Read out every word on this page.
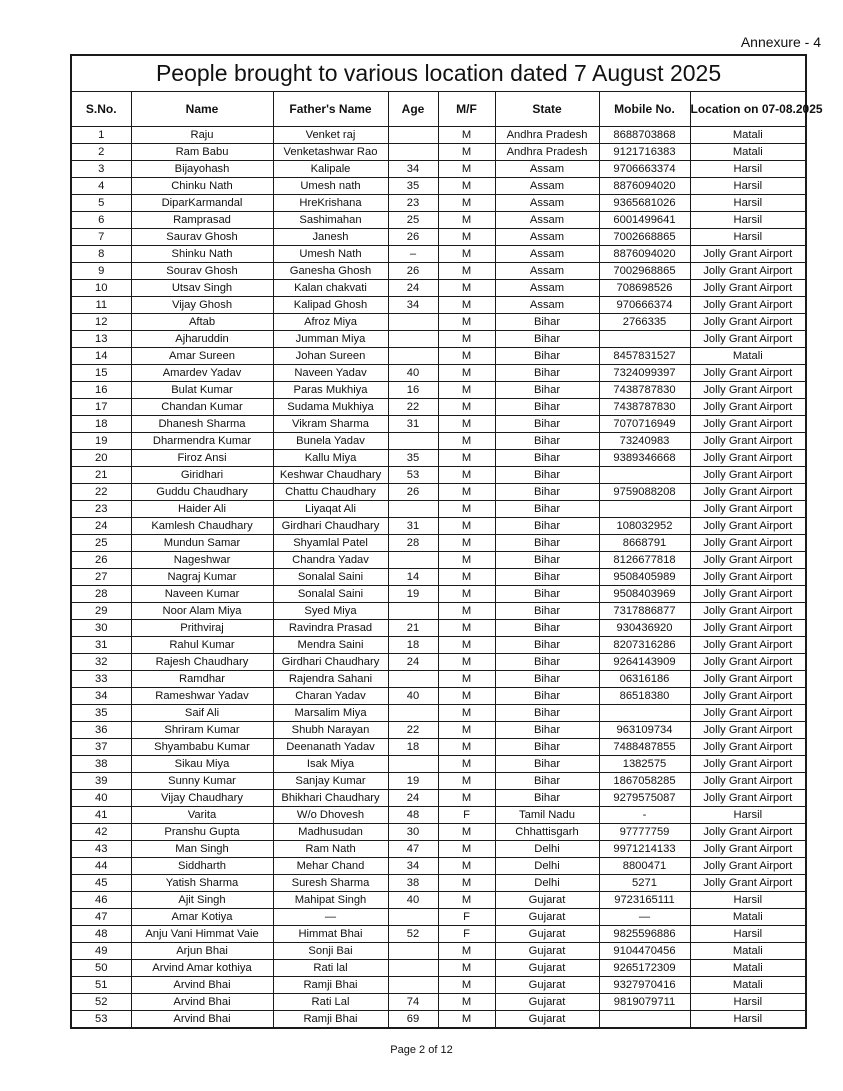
Annexure - 4
People brought to various location dated 7 August 2025							
S.No.	Name	Father's Name	Age	M/F	State	Mobile No.	Location on 07-08.2025
1	Raju	Venket raj		M	Andhra Pradesh	8688703868	Matali
2	Ram Babu	Venketashwar Rao		M	Andhra Pradesh	9121716383	Matali
3	Bijayohash	Kalipale	34	M	Assam	9706663374	Harsil
4	Chinku Nath	Umesh nath	35	M	Assam	8876094020	Harsil
5	DiparKarmandal	HreKrishana	23	M	Assam	9365681026	Harsil
6	Ramprasad	Sashimahan	25	M	Assam	6001499641	Harsil
7	Saurav Ghosh	Janesh	26	M	Assam	7002668865	Harsil
8	Shinku Nath	Umesh Nath	–	M	Assam	8876094020	Jolly Grant Airport
9	Sourav Ghosh	Ganesha Ghosh	26	M	Assam	7002968865	Jolly Grant Airport
10	Utsav Singh	Kalan chakvati	24	M	Assam	708698526	Jolly Grant Airport
11	Vijay Ghosh	Kalipad Ghosh	34	M	Assam	970666374	Jolly Grant Airport
12	Aftab	Afroz Miya		M	Bihar	2766335	Jolly Grant Airport
13	Ajharuddin	Jumman Miya		M	Bihar		Jolly Grant Airport
14	Amar Sureen	Johan Sureen		M	Bihar	8457831527	Matali
15	Amardev Yadav	Naveen Yadav	40	M	Bihar	7324099397	Jolly Grant Airport
16	Bulat Kumar	Paras Mukhiya	16	M	Bihar	7438787830	Jolly Grant Airport
17	Chandan Kumar	Sudama Mukhiya	22	M	Bihar	7438787830	Jolly Grant Airport
18	Dhanesh Sharma	Vikram Sharma	31	M	Bihar	7070716949	Jolly Grant Airport
19	Dharmendra Kumar	Bunela Yadav		M	Bihar	73240983	Jolly Grant Airport
20	Firoz Ansi	Kallu Miya	35	M	Bihar	9389346668	Jolly Grant Airport
21	Giridhari	Keshwar Chaudhary	53	M	Bihar		Jolly Grant Airport
22	Guddu Chaudhary	Chattu Chaudhary	26	M	Bihar	9759088208	Jolly Grant Airport
23	Haider Ali	Liyaqat Ali		M	Bihar		Jolly Grant Airport
24	Kamlesh Chaudhary	Girdhari Chaudhary	31	M	Bihar	108032952	Jolly Grant Airport
25	Mundun Samar	Shyamlal Patel	28	M	Bihar	8668791	Jolly Grant Airport
26	Nageshwar	Chandra Yadav		M	Bihar	8126677818	Jolly Grant Airport
27	Nagraj Kumar	Sonalal Saini	14	M	Bihar	9508405989	Jolly Grant Airport
28	Naveen Kumar	Sonalal Saini	19	M	Bihar	9508403969	Jolly Grant Airport
29	Noor Alam Miya	Syed Miya		M	Bihar	7317886877	Jolly Grant Airport
30	Prithviraj	Ravindra Prasad	21	M	Bihar	930436920	Jolly Grant Airport
31	Rahul Kumar	Mendra Saini	18	M	Bihar	8207316286	Jolly Grant Airport
32	Rajesh Chaudhary	Girdhari Chaudhary	24	M	Bihar	9264143909	Jolly Grant Airport
33	Ramdhar	Rajendra Sahani		M	Bihar	06316186	Jolly Grant Airport
34	Rameshwar Yadav	Charan Yadav	40	M	Bihar	86518380	Jolly Grant Airport
35	Saif Ali	Marsalim Miya		M	Bihar		Jolly Grant Airport
36	Shriram Kumar	Shubh Narayan	22	M	Bihar	963109734	Jolly Grant Airport
37	Shyambabu Kumar	Deenanath Yadav	18	M	Bihar	7488487855	Jolly Grant Airport
38	Sikau Miya	Isak Miya		M	Bihar	1382575	Jolly Grant Airport
39	Sunny Kumar	Sanjay Kumar	19	M	Bihar	1867058285	Jolly Grant Airport
40	Vijay Chaudhary	Bhikhari Chaudhary	24	M	Bihar	9279575087	Jolly Grant Airport
41	Varita	W/o Dhovesh	48	F	Tamil Nadu	-	Harsil
42	Pranshu Gupta	Madhusudan	30	M	Chhattisgarh	97777759	Jolly Grant Airport
43	Man Singh	Ram Nath	47	M	Delhi	9971214133	Jolly Grant Airport
44	Siddharth	Mehar Chand	34	M	Delhi	8800471	Jolly Grant Airport
45	Yatish Sharma	Suresh Sharma	38	M	Delhi	5271	Jolly Grant Airport
46	Ajit Singh	Mahipat Singh	40	M	Gujarat	9723165111	Harsil
47	Amar Kotiya	—		F	Gujarat	—	Matali
48	Anju Vani Himmat Vaie	Himmat Bhai	52	F	Gujarat	9825596886	Harsil
49	Arjun Bhai	Sonji Bai		M	Gujarat	9104470456	Matali
50	Arvind Amar kothiya	Rati lal		M	Gujarat	9265172309	Matali
51	Arvind Bhai	Ramji Bhai		M	Gujarat	9327970416	Matali
52	Arvind Bhai	Rati Lal	74	M	Gujarat	9819079711	Harsil
53	Arvind Bhai	Ramji Bhai	69	M	Gujarat		Harsil
Page 2 of 12
